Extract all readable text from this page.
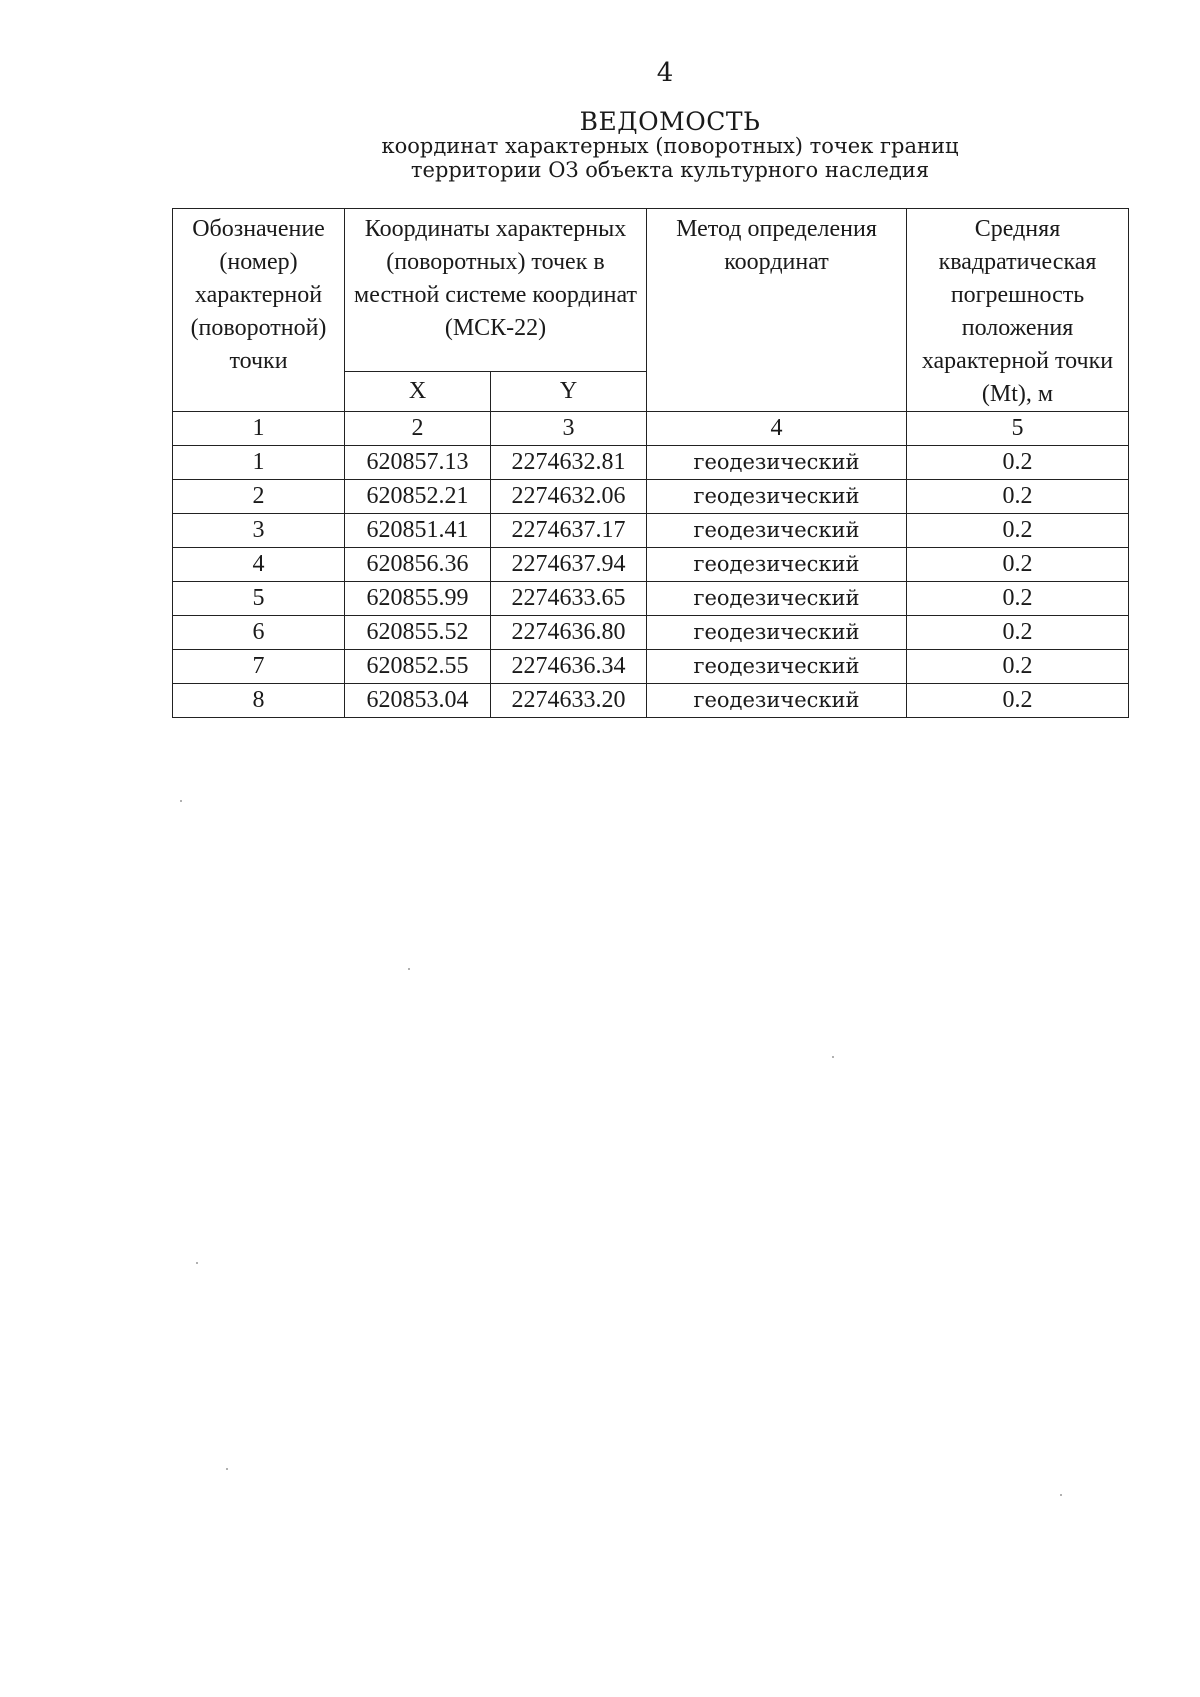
4
ВЕДОМОСТЬ
координат характерных (поворотных) точек границ
территории ОЗ объекта культурного наследия
Обозначение (номер) характерной (поворотной) точки	Координаты характерных (поворотных) точек в местной системе координат (МСК-22)		Метод определения координат	Средняя квадратическая погрешность положения характерной точки (Mt), м
	X	Y		
1	2	3	4	5
1	620857.13	2274632.81	геодезический	0.2
2	620852.21	2274632.06	геодезический	0.2
3	620851.41	2274637.17	геодезический	0.2
4	620856.36	2274637.94	геодезический	0.2
5	620855.99	2274633.65	геодезический	0.2
6	620855.52	2274636.80	геодезический	0.2
7	620852.55	2274636.34	геодезический	0.2
8	620853.04	2274633.20	геодезический	0.2
